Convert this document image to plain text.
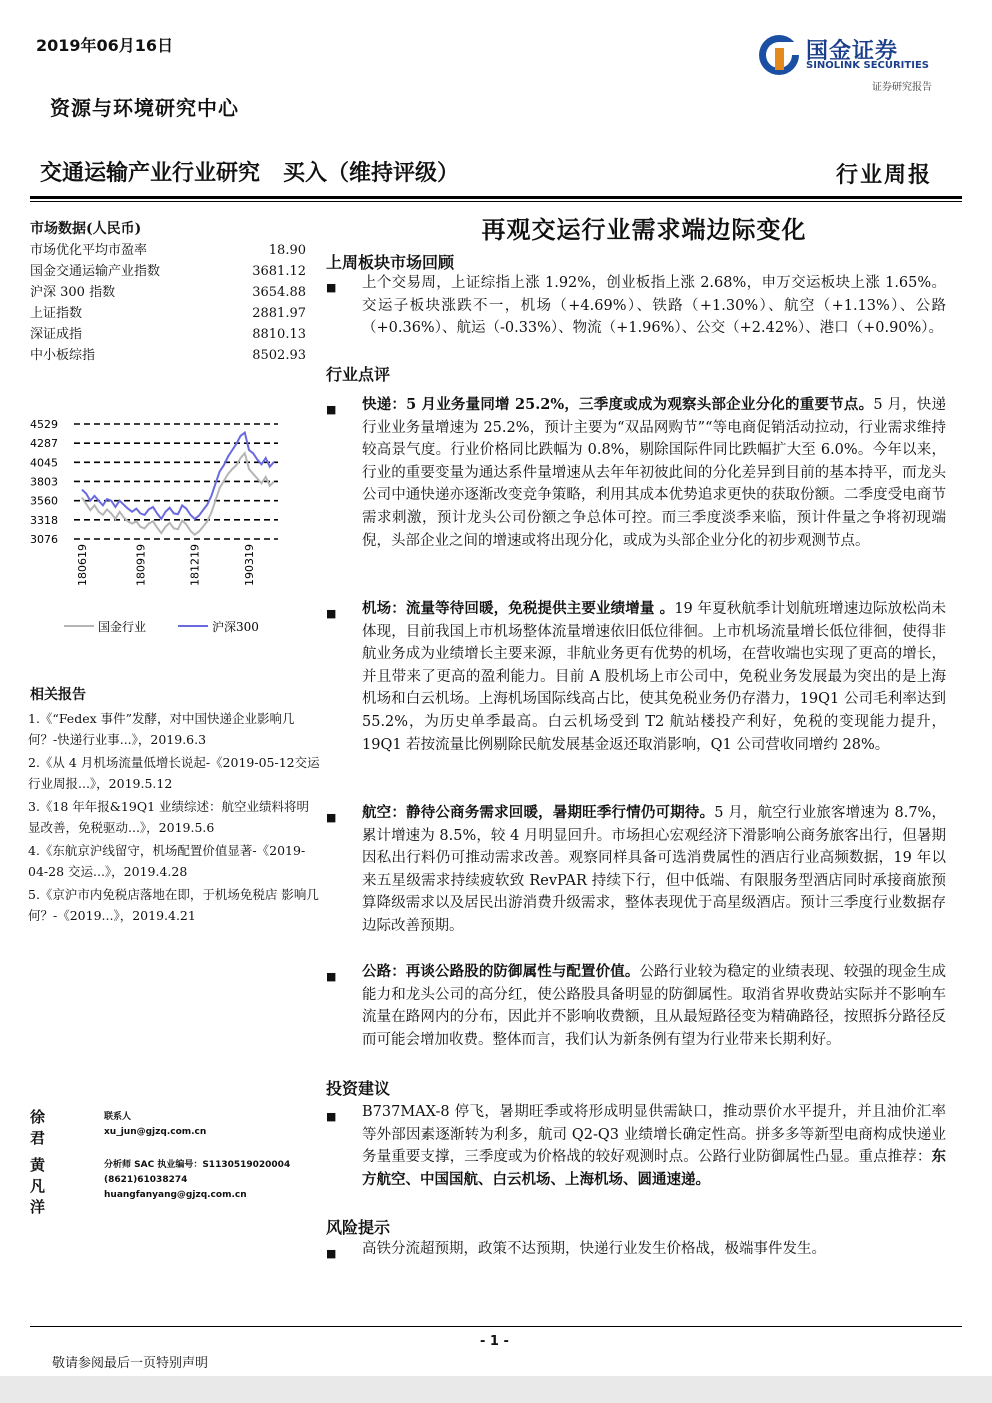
2019年06月16日
资源与环境研究中心
国金证券
SINOLINK SECURITIES
证券研究报告
交通运输产业行业研究   买入（维持评级）	行业周报
市场数据(人民币)
市场优化平均市盈率	18.90
国金交通运输产业指数	3681.12
沪深 300 指数	3654.88
上证指数	2881.97
深证成指	8810.13
中小板综指	8502.93
4529
4287
4045
3803
3560
3318
3076
180619	180919	181219	190319
国金行业	沪深300
相关报告
1.《“Fedex 事件”发酵，对中国快递企业影响几何？-快递行业事...》，2019.6.3
2.《从 4 月机场流量低增长说起-《2019-05-12交运行业周报...》，2019.5.12
3.《18 年年报&19Q1 业绩综述：航空业绩料将明显改善，免税驱动...》，2019.5.6
4.《东航京沪线留守，机场配置价值显著-《2019-04-28 交运...》，2019.4.28
5.《京沪市内免税店落地在即，于机场免税店 影响几何？-《2019...》，2019.4.21
徐君
联系人
xu_jun@gjzq.com.cn
黄凡洋
分析师 SAC 执业编号：S1130519020004
(8621)61038274
huangfanyang@gjzq.com.cn
再观交运行业需求端边际变化
上周板块市场回顾
■ 上个交易周，上证综指上涨 1.92%，创业板指上涨 2.68%，申万交运板块上涨 1.65%。交运子板块涨跌不一，机场（+4.69%）、铁路（+1.30%）、航空（+1.13%）、公路（+0.36%）、航运（-0.33%）、物流（+1.96%）、公交（+2.42%）、港口（+0.90%）。
行业点评
■ 快递：5 月业务量同增 25.2%，三季度或成为观察头部企业分化的重要节点。5 月，快递行业业务量增速为 25.2%，预计主要为“双品网购节”“等电商促销活动拉动，行业需求维持较高景气度。行业价格同比跌幅为 0.8%，剔除国际件同比跌幅扩大至 6.0%。今年以来，行业的重要变量为通达系件量增速从去年年初彼此间的分化差异到目前的基本持平，而龙头公司中通快递亦逐渐改变竞争策略，利用其成本优势追求更快的获取份额。二季度受电商节需求刺激，预计龙头公司份额之争总体可控。而三季度淡季来临，预计件量之争将初现端倪，头部企业之间的增速或将出现分化，或成为头部企业分化的初步观测节点。
■ 机场：流量等待回暖，免税提供主要业绩增量 。19 年夏秋航季计划航班增速边际放松尚未体现，目前我国上市机场整体流量增速依旧低位徘徊。上市机场流量增长低位徘徊，使得非航业务成为业绩增长主要来源，非航业务更有优势的机场，在营收端也实现了更高的增长，并且带来了更高的盈利能力。目前 A 股机场上市公司中，免税业务发展最为突出的是上海机场和白云机场。上海机场国际线高占比，使其免税业务仍存潜力，19Q1 公司毛利率达到 55.2%，为历史单季最高。白云机场受到 T2 航站楼投产利好，免税的变现能力提升，19Q1 若按流量比例剔除民航发展基金返还取消影响，Q1 公司营收同增约 28%。
■ 航空：静待公商务需求回暖，暑期旺季行情仍可期待。5 月，航空行业旅客增速为 8.7%，累计增速为 8.5%，较 4 月明显回升。市场担心宏观经济下滑影响公商务旅客出行，但暑期因私出行料仍可推动需求改善。观察同样具备可选消费属性的酒店行业高频数据，19 年以来五星级需求持续疲软致 RevPAR 持续下行，但中低端、有限服务型酒店同时承接商旅预算降级需求以及居民出游消费升级需求，整体表现优于高星级酒店。预计三季度行业数据存边际改善预期。
■ 公路：再谈公路股的防御属性与配置价值。公路行业较为稳定的业绩表现、较强的现金生成能力和龙头公司的高分红，使公路股具备明显的防御属性。取消省界收费站实际并不影响车流量在路网内的分布，因此并不影响收费额，且从最短路径变为精确路径，按照拆分路径反而可能会增加收费。整体而言，我们认为新条例有望为行业带来长期利好。
投资建议
■ B737MAX-8 停飞，暑期旺季或将形成明显供需缺口，推动票价水平提升，并且油价汇率等外部因素逐渐转为利多，航司 Q2-Q3 业绩增长确定性高。拼多多等新型电商构成快递业务量重要支撑，三季度或为价格战的较好观测时点。公路行业防御属性凸显。重点推荐：东方航空、中国国航、白云机场、上海机场、圆通速递。
风险提示
■ 高铁分流超预期，政策不达预期，快递行业发生价格战，极端事件发生。
- 1 -
敬请参阅最后一页特别声明
